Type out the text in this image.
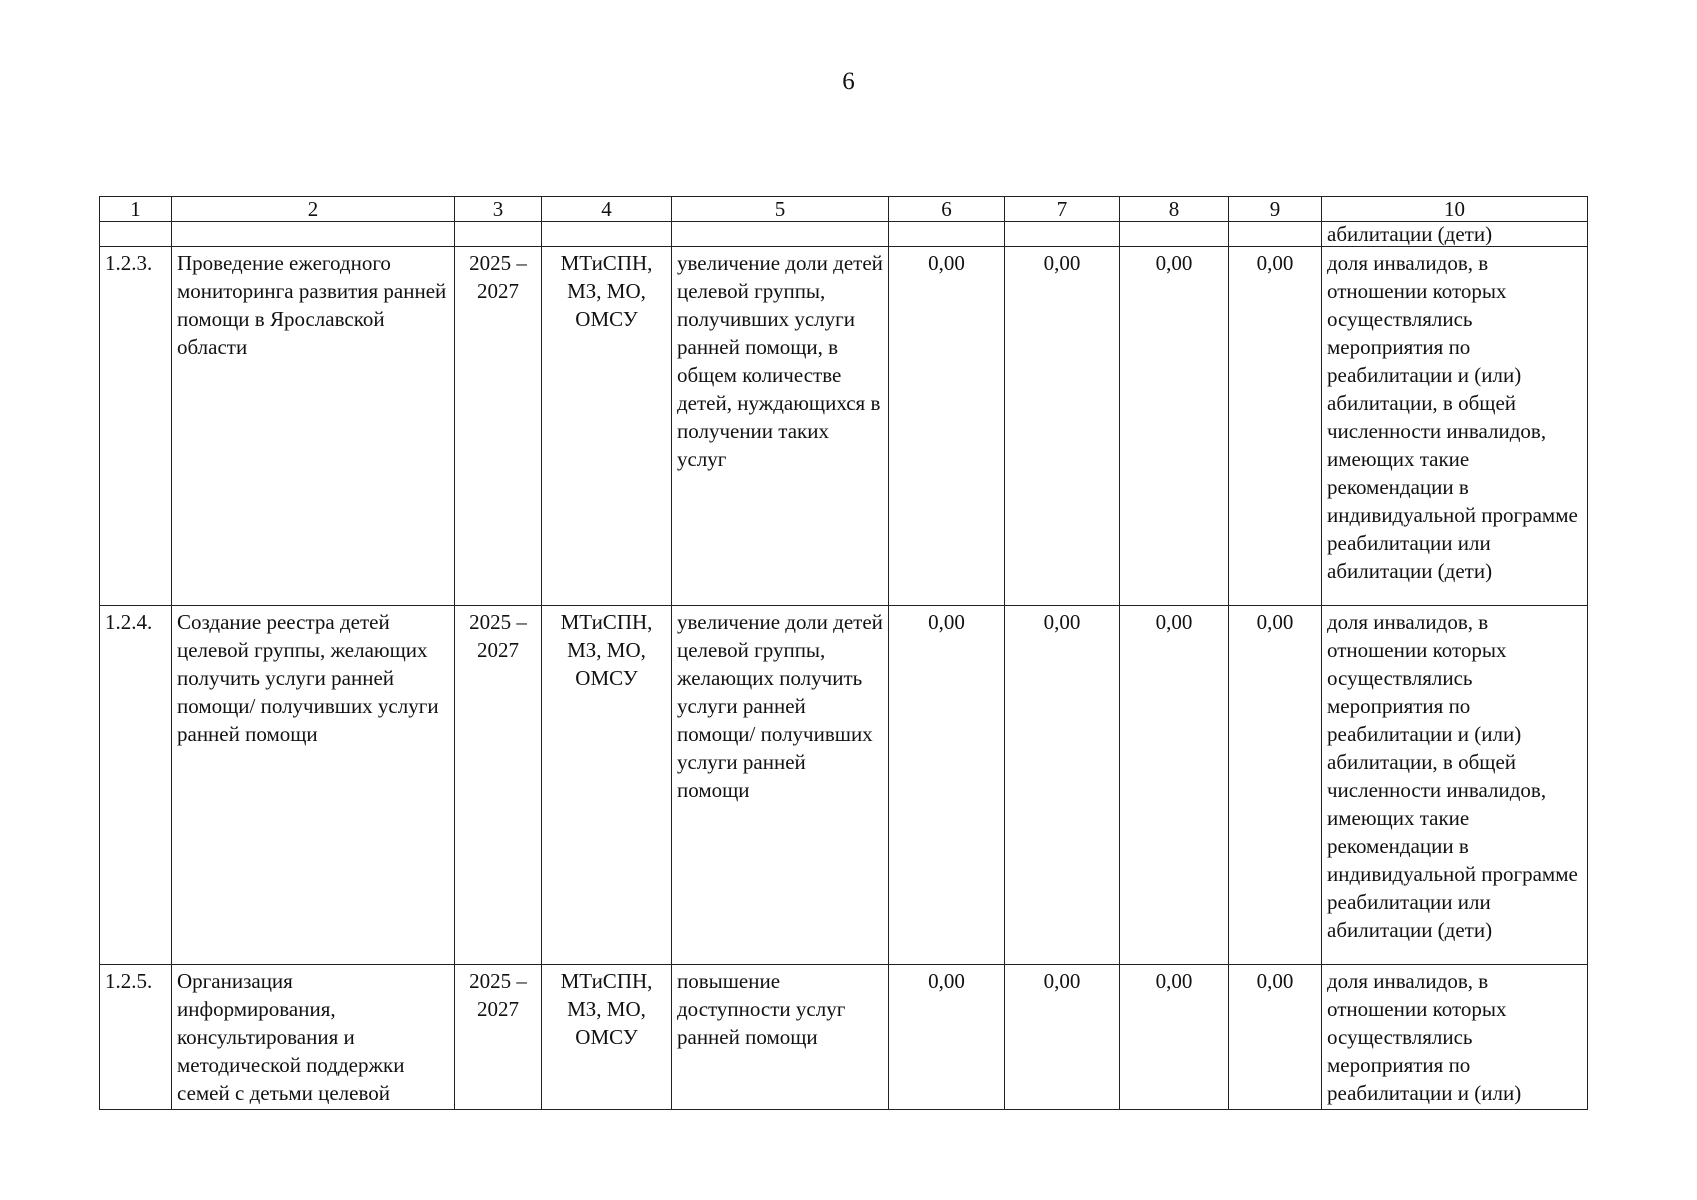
6
1	2	3	4	5	6	7	8	9	10
									абилитации (дети)
1.2.3.	Проведение ежегодного мониторинга развития ранней помощи в Ярославской области	2025 – 2027	МТиСПН, МЗ, МО, ОМСУ	увеличение доли детей целевой группы, получивших услуги ранней помощи, в общем количестве детей, нуждающихся в получении таких услуг	0,00	0,00	0,00	0,00	доля инвалидов, в отношении которых осуществлялись мероприятия по реабилитации и (или) абилитации, в общей численности инвалидов, имеющих такие рекомендации в индивидуальной программе реабилитации или абилитации (дети)
1.2.4.	Создание реестра детей целевой группы, желающих получить услуги ранней помощи/ получивших услуги ранней помощи	2025 – 2027	МТиСПН, МЗ, МО, ОМСУ	увеличение доли детей целевой группы, желающих получить услуги ранней помощи/ получивших услуги ранней помощи	0,00	0,00	0,00	0,00	доля инвалидов, в отношении которых осуществлялись мероприятия по реабилитации и (или) абилитации, в общей численности инвалидов, имеющих такие рекомендации в индивидуальной программе реабилитации или абилитации (дети)
1.2.5.	Организация информирования, консультирования и методической поддержки семей с детьми целевой	2025 – 2027	МТиСПН, МЗ, МО, ОМСУ	повышение доступности услуг ранней помощи	0,00	0,00	0,00	0,00	доля инвалидов, в отношении которых осуществлялись мероприятия по реабилитации и (или)
